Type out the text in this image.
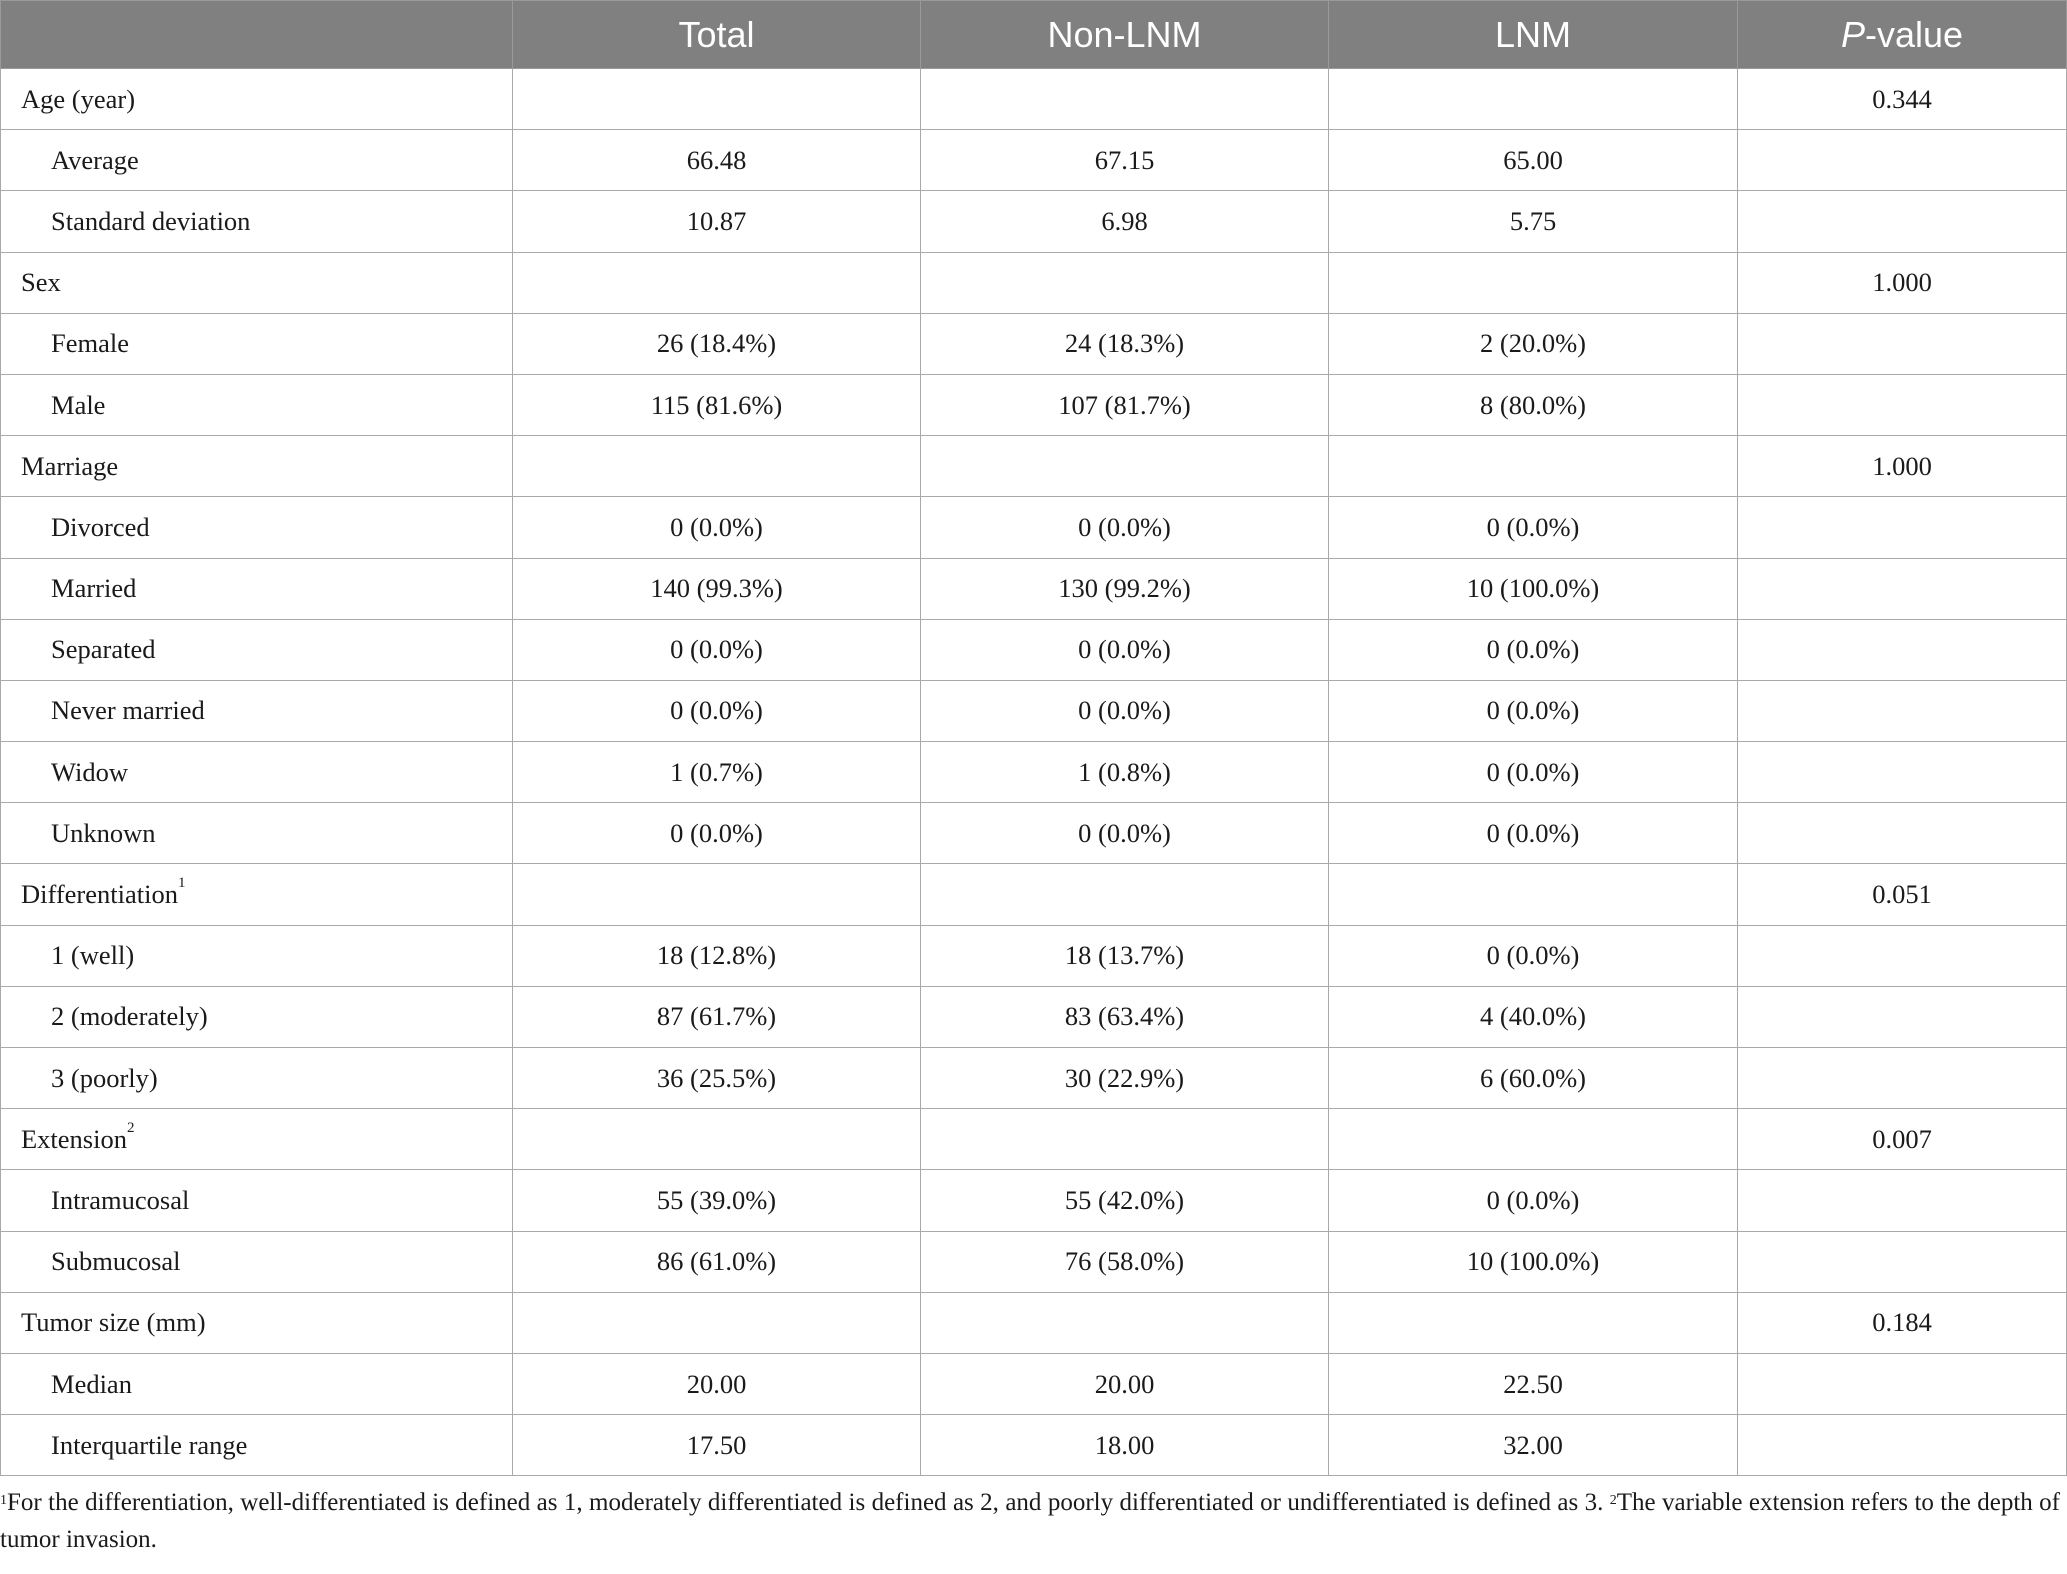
	Total	Non-LNM	LNM	P-value
Age (year)				0.344
Average	66.48	67.15	65.00	
Standard deviation	10.87	6.98	5.75	
Sex				1.000
Female	26 (18.4%)	24 (18.3%)	2 (20.0%)	
Male	115 (81.6%)	107 (81.7%)	8 (80.0%)	
Marriage				1.000
Divorced	0 (0.0%)	0 (0.0%)	0 (0.0%)	
Married	140 (99.3%)	130 (99.2%)	10 (100.0%)	
Separated	0 (0.0%)	0 (0.0%)	0 (0.0%)	
Never married	0 (0.0%)	0 (0.0%)	0 (0.0%)	
Widow	1 (0.7%)	1 (0.8%)	0 (0.0%)	
Unknown	0 (0.0%)	0 (0.0%)	0 (0.0%)	
Differentiation$^1$				0.051
1 (well)	18 (12.8%)	18 (13.7%)	0 (0.0%)	
2 (moderately)	87 (61.7%)	83 (63.4%)	4 (40.0%)	
3 (poorly)	36 (25.5%)	30 (22.9%)	6 (60.0%)	
Extension$^2$				0.007
Intramucosal	55 (39.0%)	55 (42.0%)	0 (0.0%)	
Submucosal	86 (61.0%)	76 (58.0%)	10 (100.0%)	
Tumor size (mm)				0.184
Median	20.00	20.00	22.50	
Interquartile range	17.50	18.00	32.00	
$^1$For the differentiation, well-differentiated is defined as 1, moderately differentiated is defined as 2, and poorly differentiated or undifferentiated is defined as 3. $^2$The variable extension refers to the depth of tumor invasion.
